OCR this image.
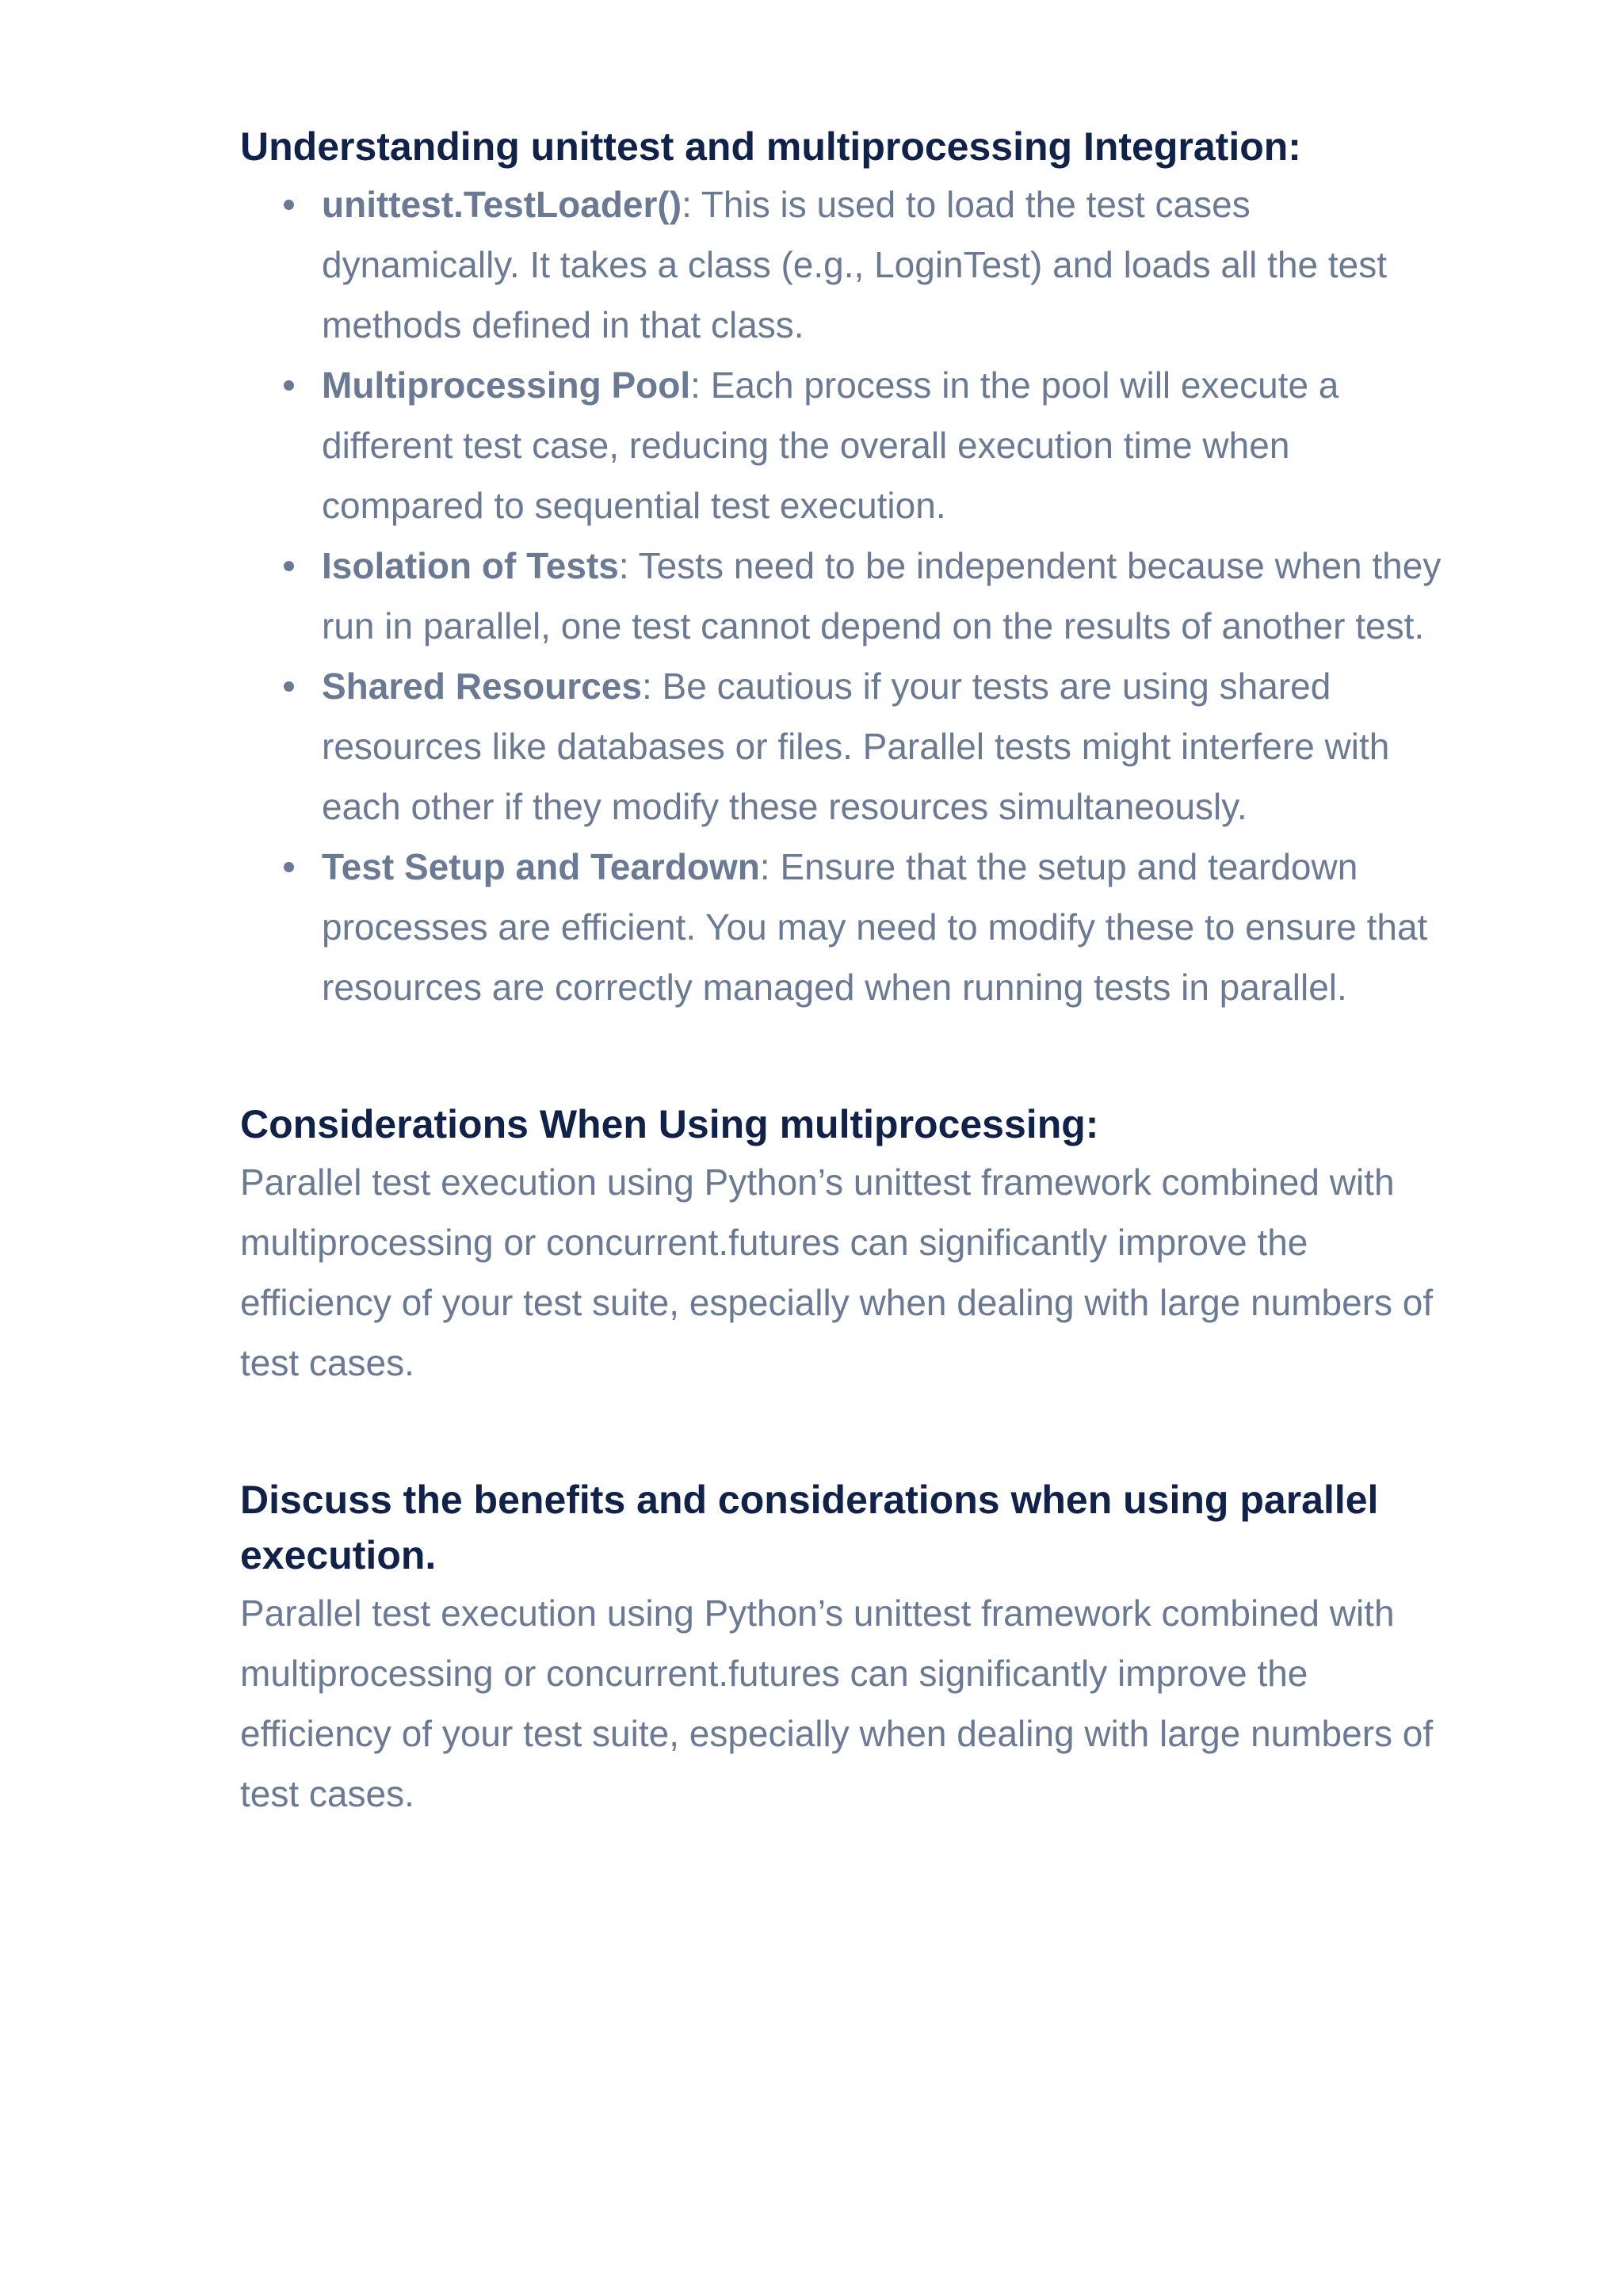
Understanding unittest and multiprocessing Integration:
unittest.TestLoader(): This is used to load the test cases dynamically. It takes a class (e.g., LoginTest) and loads all the test methods defined in that class.
Multiprocessing Pool: Each process in the pool will execute a different test case, reducing the overall execution time when compared to sequential test execution.
Isolation of Tests: Tests need to be independent because when they run in parallel, one test cannot depend on the results of another test.
Shared Resources: Be cautious if your tests are using shared resources like databases or files. Parallel tests might interfere with each other if they modify these resources simultaneously.
Test Setup and Teardown: Ensure that the setup and teardown processes are efficient. You may need to modify these to ensure that resources are correctly managed when running tests in parallel.
Considerations When Using multiprocessing:

Parallel test execution using Python’s unittest framework combined with multiprocessing or concurrent.futures can significantly improve the efficiency of your test suite, especially when dealing with large numbers of test cases.

Discuss the benefits and considerations when using parallel execution.

Parallel test execution using Python’s unittest framework combined with multiprocessing or concurrent.futures can significantly improve the efficiency of your test suite, especially when dealing with large numbers of test cases.
